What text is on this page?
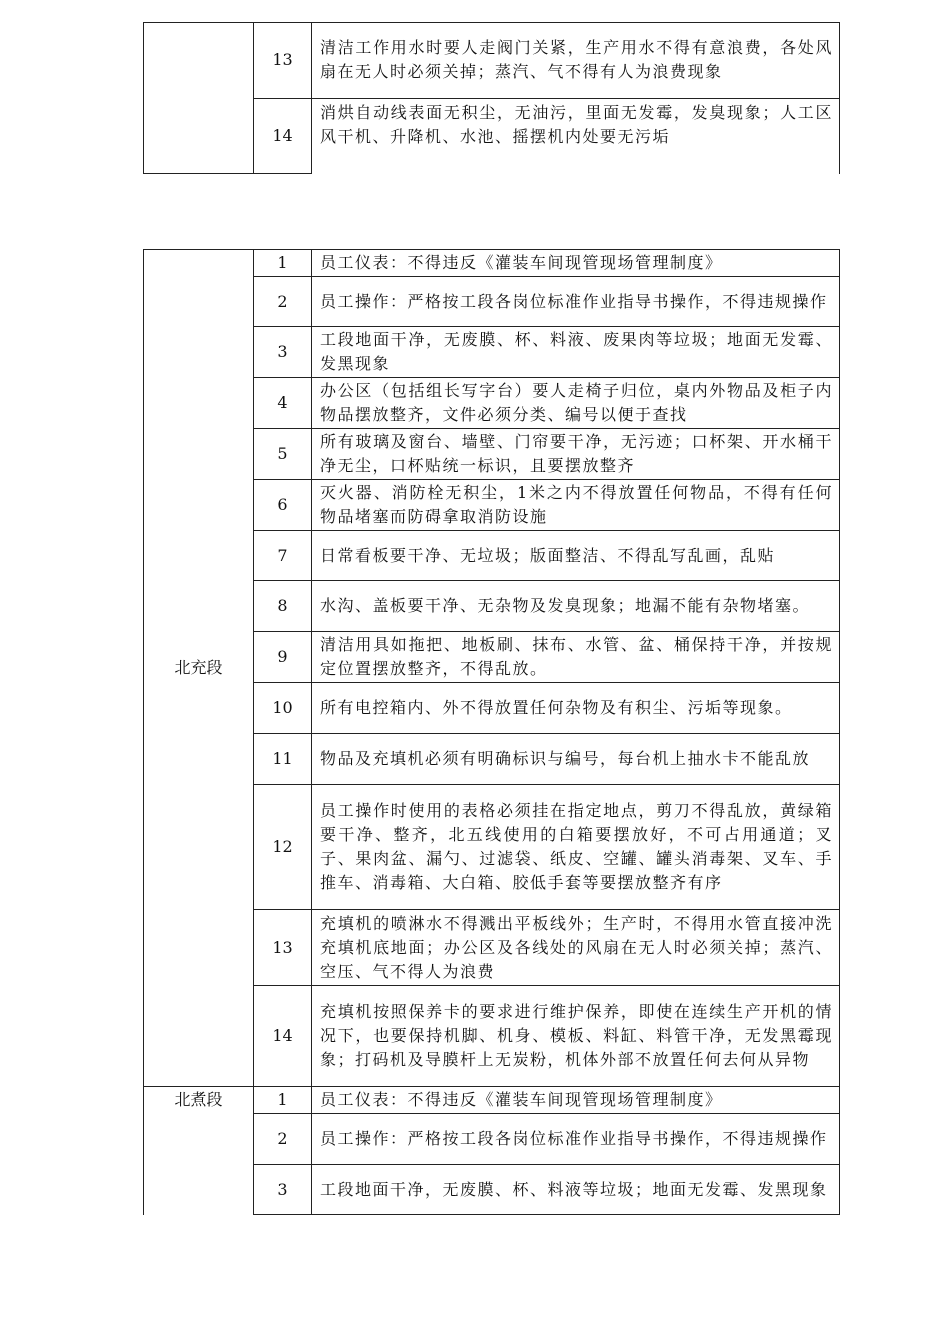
	13	清洁工作用水时要人走阀门关紧，生产用水不得有意浪费，各处风扇在无人时必须关掉；蒸汽、气不得有人为浪费现象
	14	消烘自动线表面无积尘，无油污，里面无发霉，发臭现象；人工区风干机、升降机、水池、摇摆机内处要无污垢
北充段	1	员工仪表：不得违反《灌装车间现管现场管理制度》
	2	员工操作：严格按工段各岗位标准作业指导书操作，不得违规操作
	3	工段地面干净，无废膜、杯、料液、废果肉等垃圾；地面无发霉、发黑现象
	4	办公区（包括组长写字台）要人走椅子归位，桌内外物品及柜子内物品摆放整齐，文件必须分类、编号以便于查找
	5	所有玻璃及窗台、墙壁、门帘要干净，无污迹；口杯架、开水桶干净无尘，口杯贴统一标识，且要摆放整齐
	6	灭火器、消防栓无积尘，1米之内不得放置任何物品，不得有任何物品堵塞而防碍拿取消防设施
	7	日常看板要干净、无垃圾；版面整洁、不得乱写乱画，乱贴
	8	水沟、盖板要干净、无杂物及发臭现象；地漏不能有杂物堵塞。
	9	清洁用具如拖把、地板刷、抹布、水管、盆、桶保持干净，并按规定位置摆放整齐，不得乱放。
	10	所有电控箱内、外不得放置任何杂物及有积尘、污垢等现象。
	11	物品及充填机必须有明确标识与编号，每台机上抽水卡不能乱放
	12	员工操作时使用的表格必须挂在指定地点，剪刀不得乱放，黄绿箱要干净、整齐，北五线使用的白箱要摆放好，不可占用通道；叉子、果肉盆、漏勺、过滤袋、纸皮、空罐、罐头消毒架、叉车、手推车、消毒箱、大白箱、胶低手套等要摆放整齐有序
	13	充填机的喷淋水不得溅出平板线外；生产时，不得用水管直接冲洗充填机底地面；办公区及各线处的风扇在无人时必须关掉；蒸汽、空压、气不得人为浪费
	14	充填机按照保养卡的要求进行维护保养，即使在连续生产开机的情况下，也要保持机脚、机身、模板、料缸、料管干净，无发黑霉现象；打码机及导膜杆上无炭粉，机体外部不放置任何去何从异物
北煮段	1	员工仪表：不得违反《灌装车间现管现场管理制度》
	2	员工操作：严格按工段各岗位标准作业指导书操作，不得违规操作
	3	工段地面干净，无废膜、杯、料液等垃圾；地面无发霉、发黑现象
